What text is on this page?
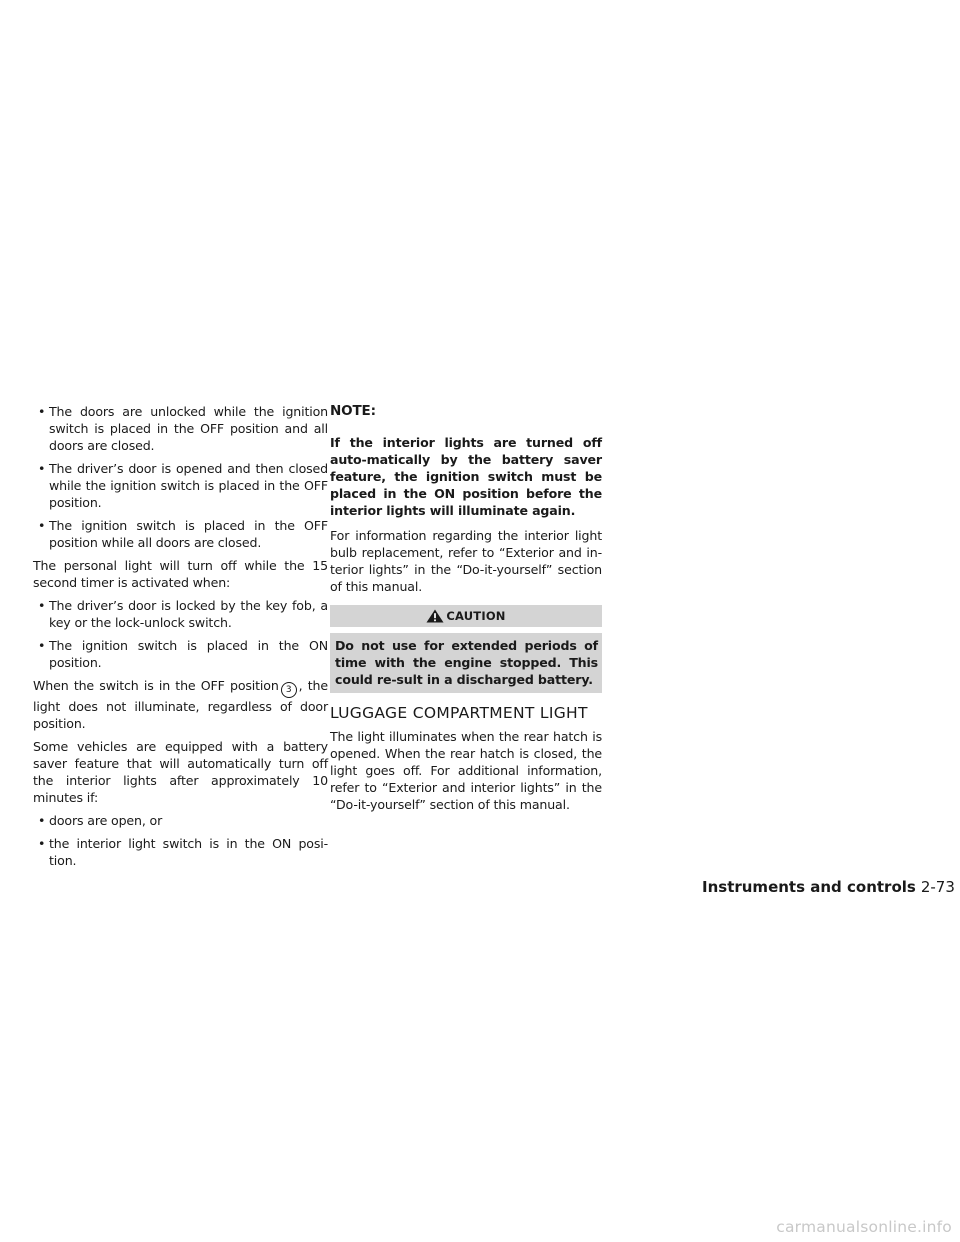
• The doors are unlocked while the ignition switch is placed in the OFF position and all doors are closed.
• The driver’s door is opened and then closed while the ignition switch is placed in the OFF position.
• The ignition switch is placed in the OFF position while all doors are closed.

The personal light will turn off while the 15 second timer is activated when:

• The driver’s door is locked by the key fob, a key or the lock-unlock switch.
• The ignition switch is placed in the ON position.

When the switch is in the OFF position 3 , the light does not illuminate, regardless of door position.

Some vehicles are equipped with a battery saver feature that will automatically turn off the interior lights after approximately 10 minutes if:

• doors are open, or
• the interior light switch is in the ON posi-tion.
NOTE:

If the interior lights are turned off auto-matically by the battery saver feature, the ignition switch must be placed in the ON position before the interior lights will illuminate again.

For information regarding the interior light bulb replacement, refer to “Exterior and in-terior lights” in the “Do-it-yourself” section of this manual.

CAUTION
Do not use for extended periods of time with the engine stopped. This could re-sult in a discharged battery.
LUGGAGE COMPARTMENT LIGHT

The light illuminates when the rear hatch is opened. When the rear hatch is closed, the light goes off. For additional information, refer to “Exterior and interior lights” in the “Do-it-yourself” section of this manual.

Instruments and controls 2-73
carmanualsonline.info
